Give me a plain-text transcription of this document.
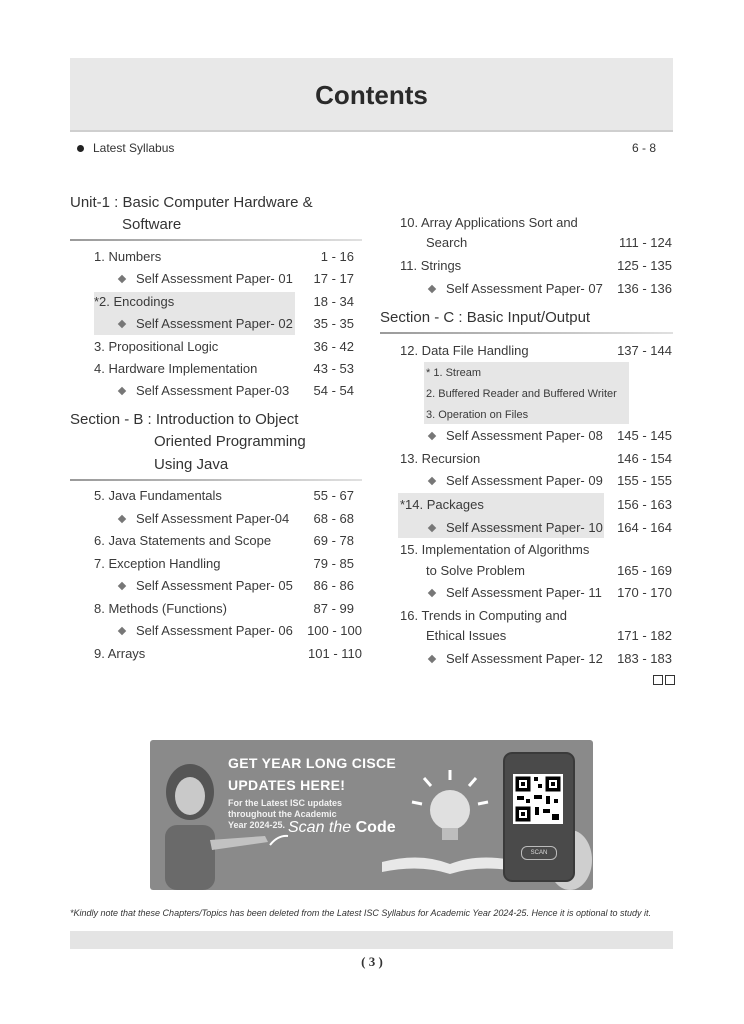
Contents
Latest Syllabus	6 - 8
Unit-1 : Basic Computer Hardware &
Software
1. Numbers	1 - 16
Self Assessment Paper- 01	17 - 17
*2. Encodings	18 - 34
Self Assessment Paper- 02	35 - 35
3. Propositional Logic	36 - 42
4. Hardware Implementation	43 - 53
Self Assessment Paper-03	54 - 54
Section - B : Introduction to Object
Oriented Programming
Using Java
5. Java Fundamentals	55 - 67
Self Assessment Paper-04	68 - 68
6. Java Statements and Scope	69 - 78
7. Exception Handling	79 - 85
Self Assessment Paper- 05	86 - 86
8. Methods (Functions)	87 - 99
Self Assessment Paper- 06	100 - 100
9. Arrays	101 - 110
10. Array Applications Sort and
Search	111 - 124
11. Strings	125 - 135
Self Assessment Paper- 07	136 - 136
Section - C : Basic Input/Output
12. Data File Handling	137 - 144
* 1. Stream
2. Buffered Reader and Buffered Writer
3. Operation on Files
Self Assessment Paper- 08	145 - 145
13. Recursion	146 - 154
Self Assessment Paper- 09	155 - 155
*14. Packages	156 - 163
Self Assessment Paper- 10	164 - 164
15. Implementation of Algorithms
to Solve Problem	165 - 169
Self Assessment Paper- 11	170 - 170
16. Trends in Computing and
Ethical Issues	171 - 182
Self Assessment Paper- 12	183 - 183
GET YEAR LONG CISCE
UPDATES HERE!
For the Latest ISC updates throughout the Academic Year 2024-25. Scan the Code
SCAN
*Kindly note that these Chapters/Topics has been deleted from the Latest ISC Syllabus for Academic Year 2024-25. Hence it is optional to study it.
( 3 )
